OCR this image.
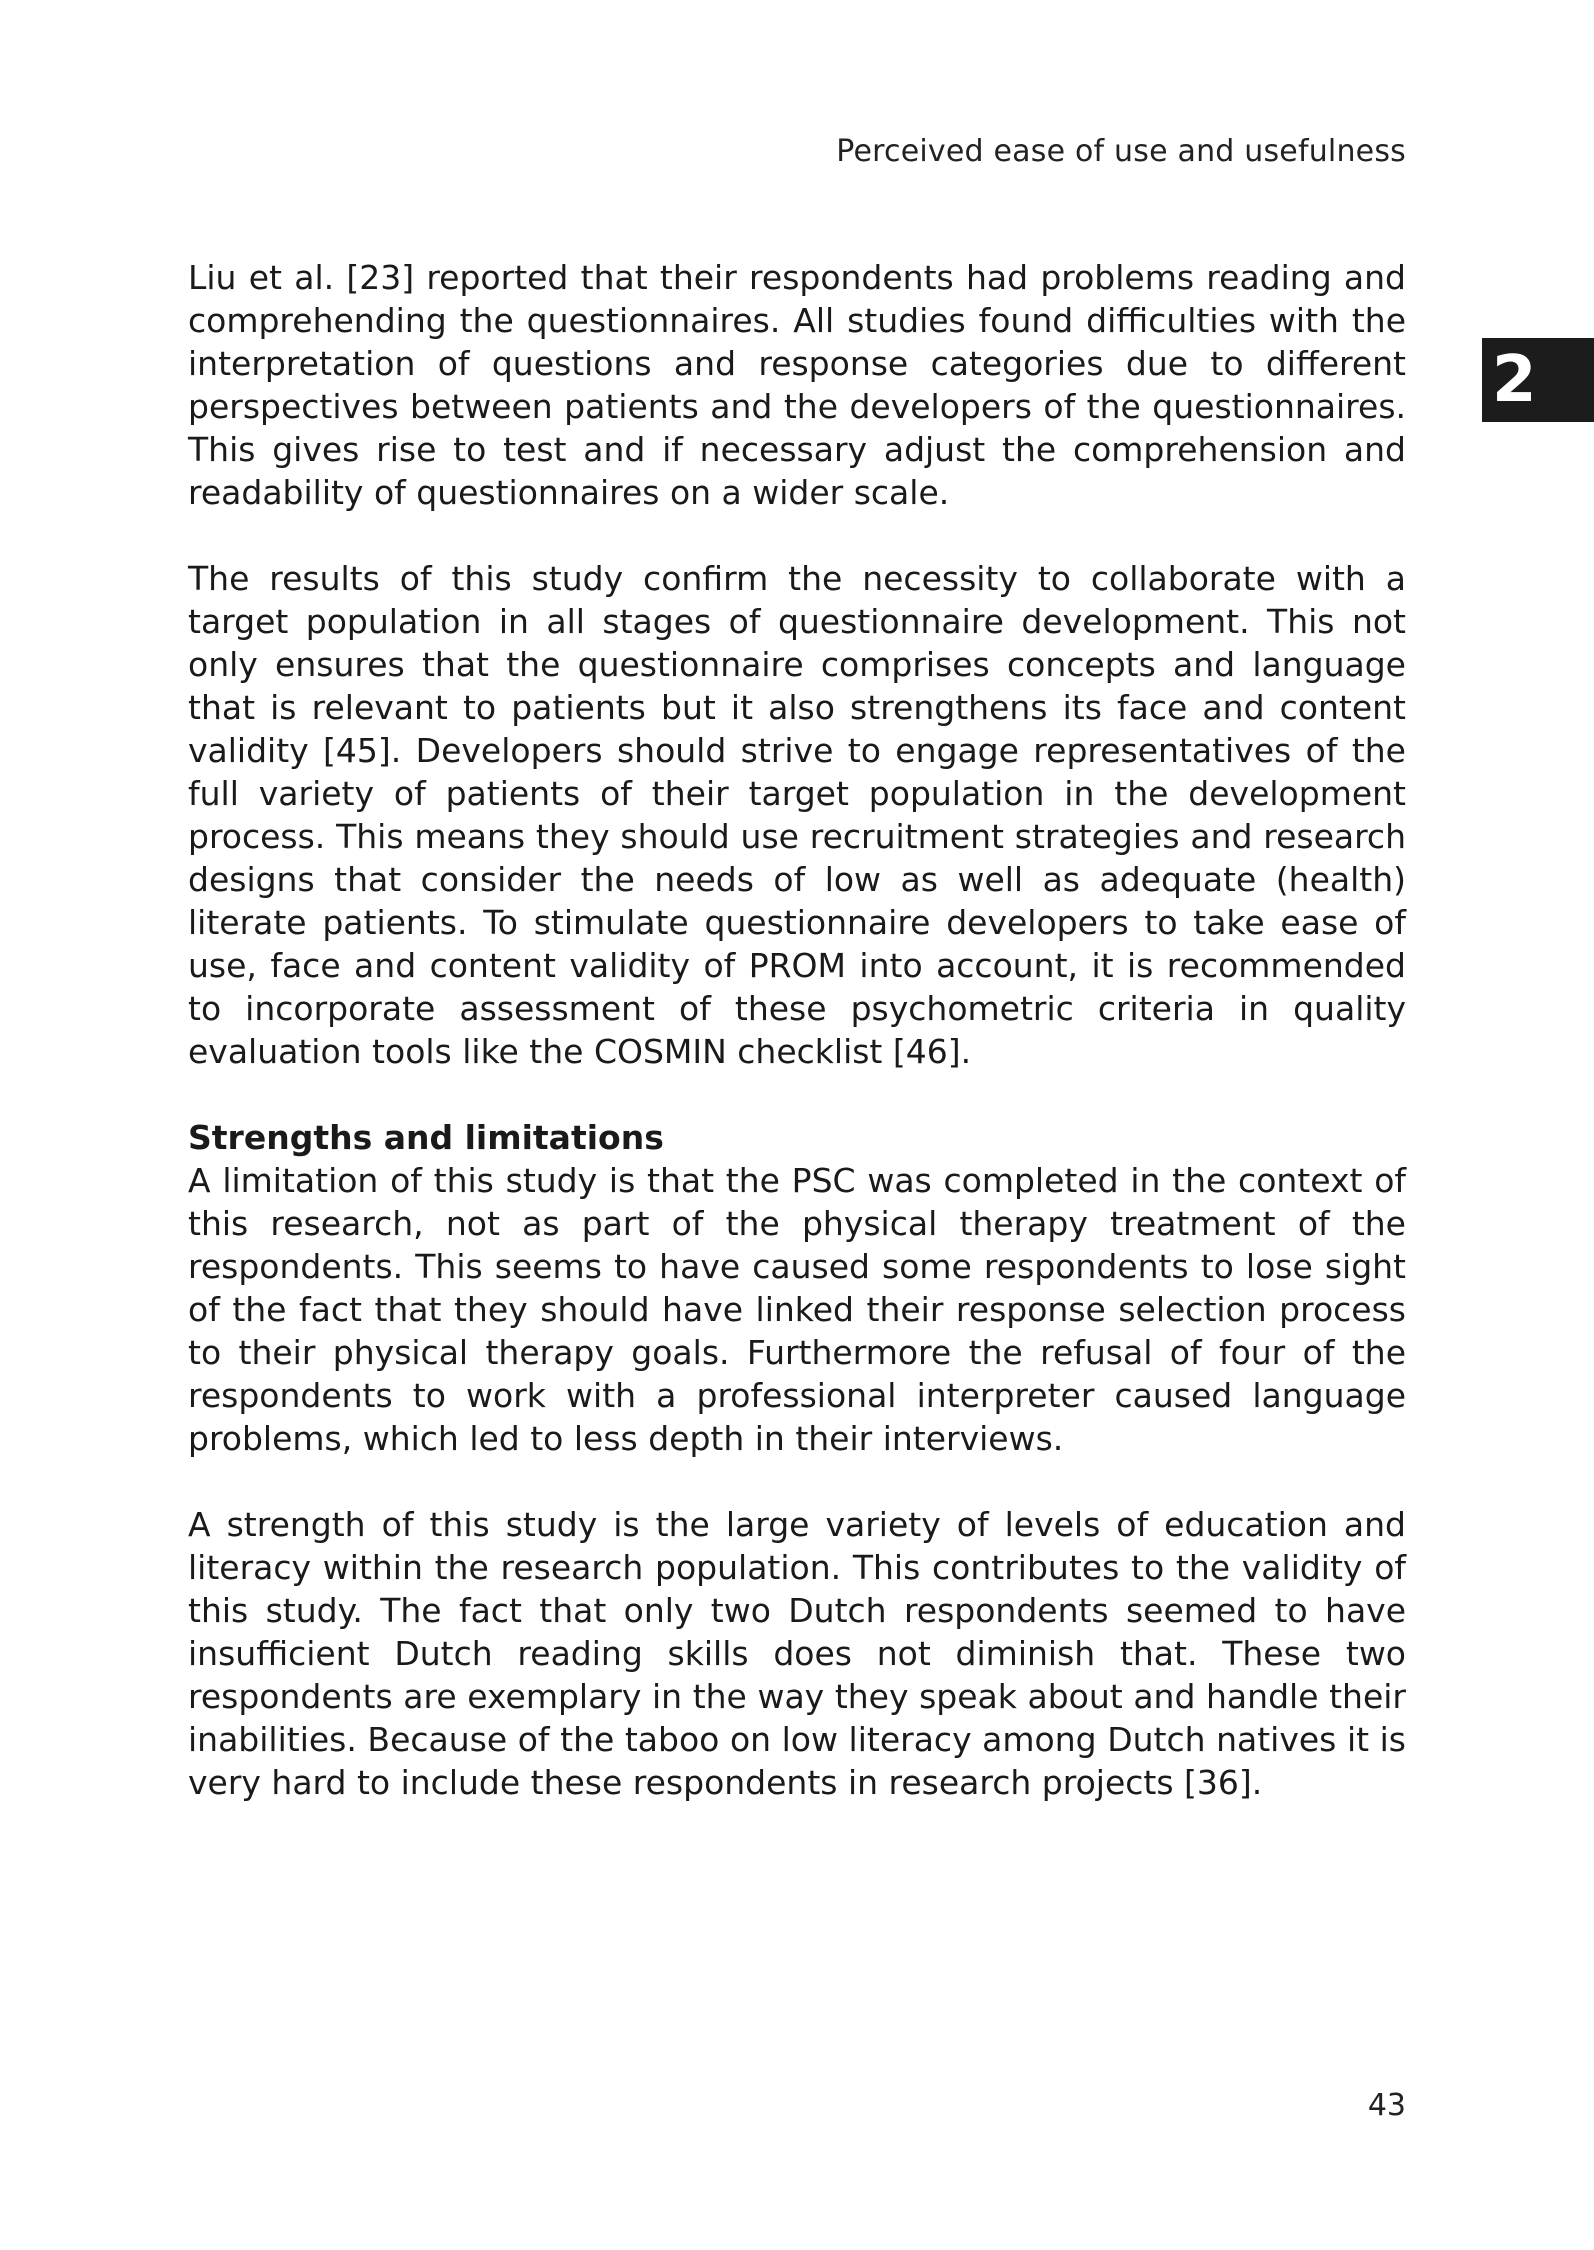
Perceived ease of use and usefulness
2

Liu et al. [23] reported that their respondents had problems reading and comprehending the questionnaires. All studies found difficulties with the interpretation of questions and response categories due to different perspectives between patients and the developers of the questionnaires. This gives rise to test and if necessary adjust the comprehension and readability of questionnaires on a wider scale.

The results of this study confirm the necessity to collaborate with a target population in all stages of questionnaire development. This not only ensures that the questionnaire comprises concepts and language that is relevant to patients but it also strengthens its face and content validity [45]. Developers should strive to engage representatives of the full variety of patients of their target population in the development process. This means they should use recruitment strategies and research designs that consider the needs of low as well as adequate (health) literate patients. To stimulate questionnaire developers to take ease of use, face and content validity of PROM into account, it is recommended to incorporate assessment of these psychometric criteria in quality evaluation tools like the COSMIN checklist [46].

Strengths and limitations

A limitation of this study is that the PSC was completed in the context of this research, not as part of the physical therapy treatment of the respondents. This seems to have caused some respondents to lose sight of the fact that they should have linked their response selection process to their physical therapy goals. Furthermore the refusal of four of the respondents to work with a professional interpreter caused language problems, which led to less depth in their interviews.

A strength of this study is the large variety of levels of education and literacy within the research population. This contributes to the validity of this study. The fact that only two Dutch respondents seemed to have insufficient Dutch reading skills does not diminish that. These two respondents are exemplary in the way they speak about and handle their inabilities. Because of the taboo on low literacy among Dutch natives it is very hard to include these respondents in research projects [36].

43
